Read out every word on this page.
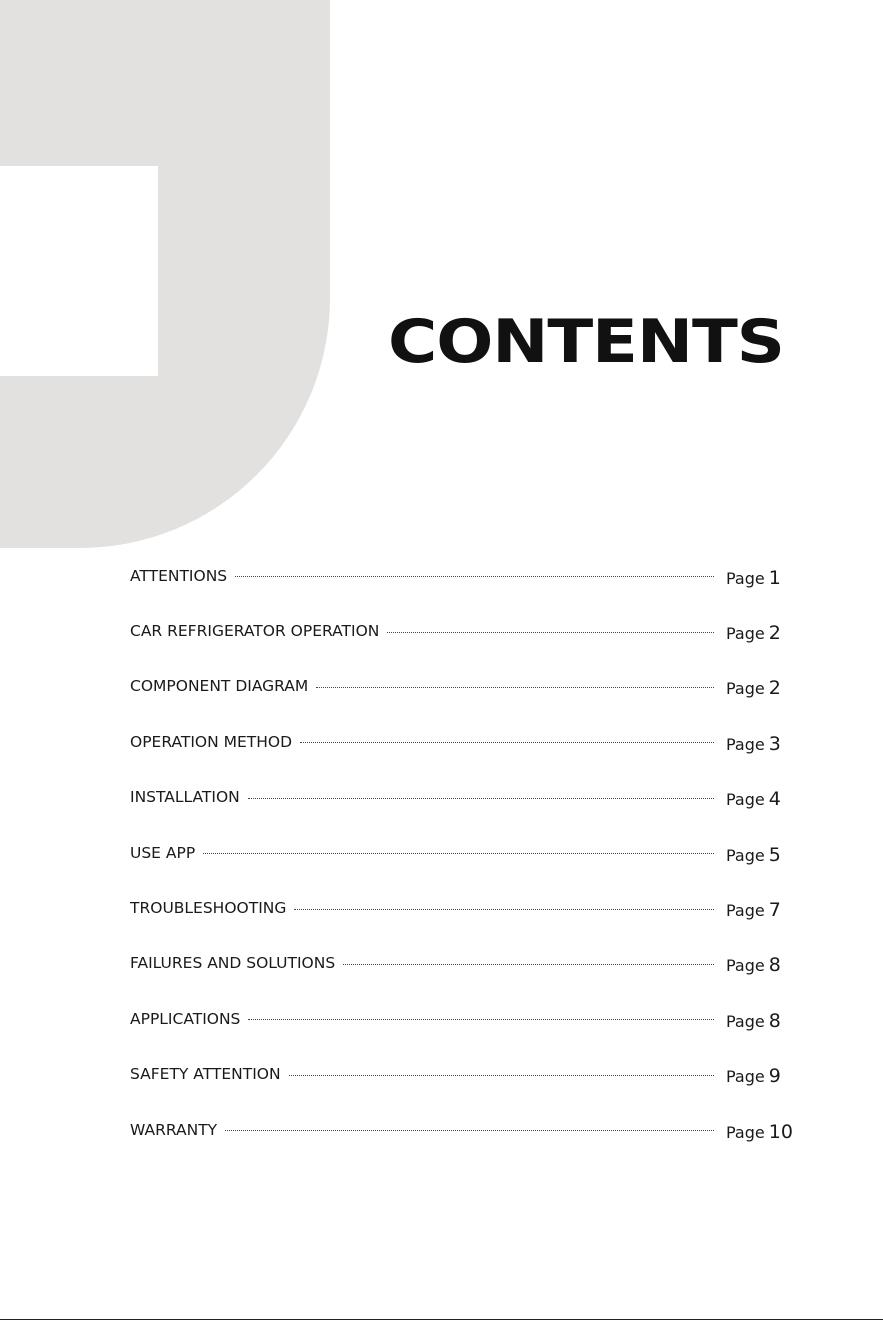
CONTENTS
ATTENTIONS	Page 1
CAR REFRIGERATOR OPERATION	Page 2
COMPONENT DIAGRAM	Page 2
OPERATION METHOD	Page 3
INSTALLATION	Page 4
USE APP	Page 5
TROUBLESHOOTING	Page 7
FAILURES AND SOLUTIONS	Page 8
APPLICATIONS	Page 8
SAFETY ATTENTION	Page 9
WARRANTY	Page 10
